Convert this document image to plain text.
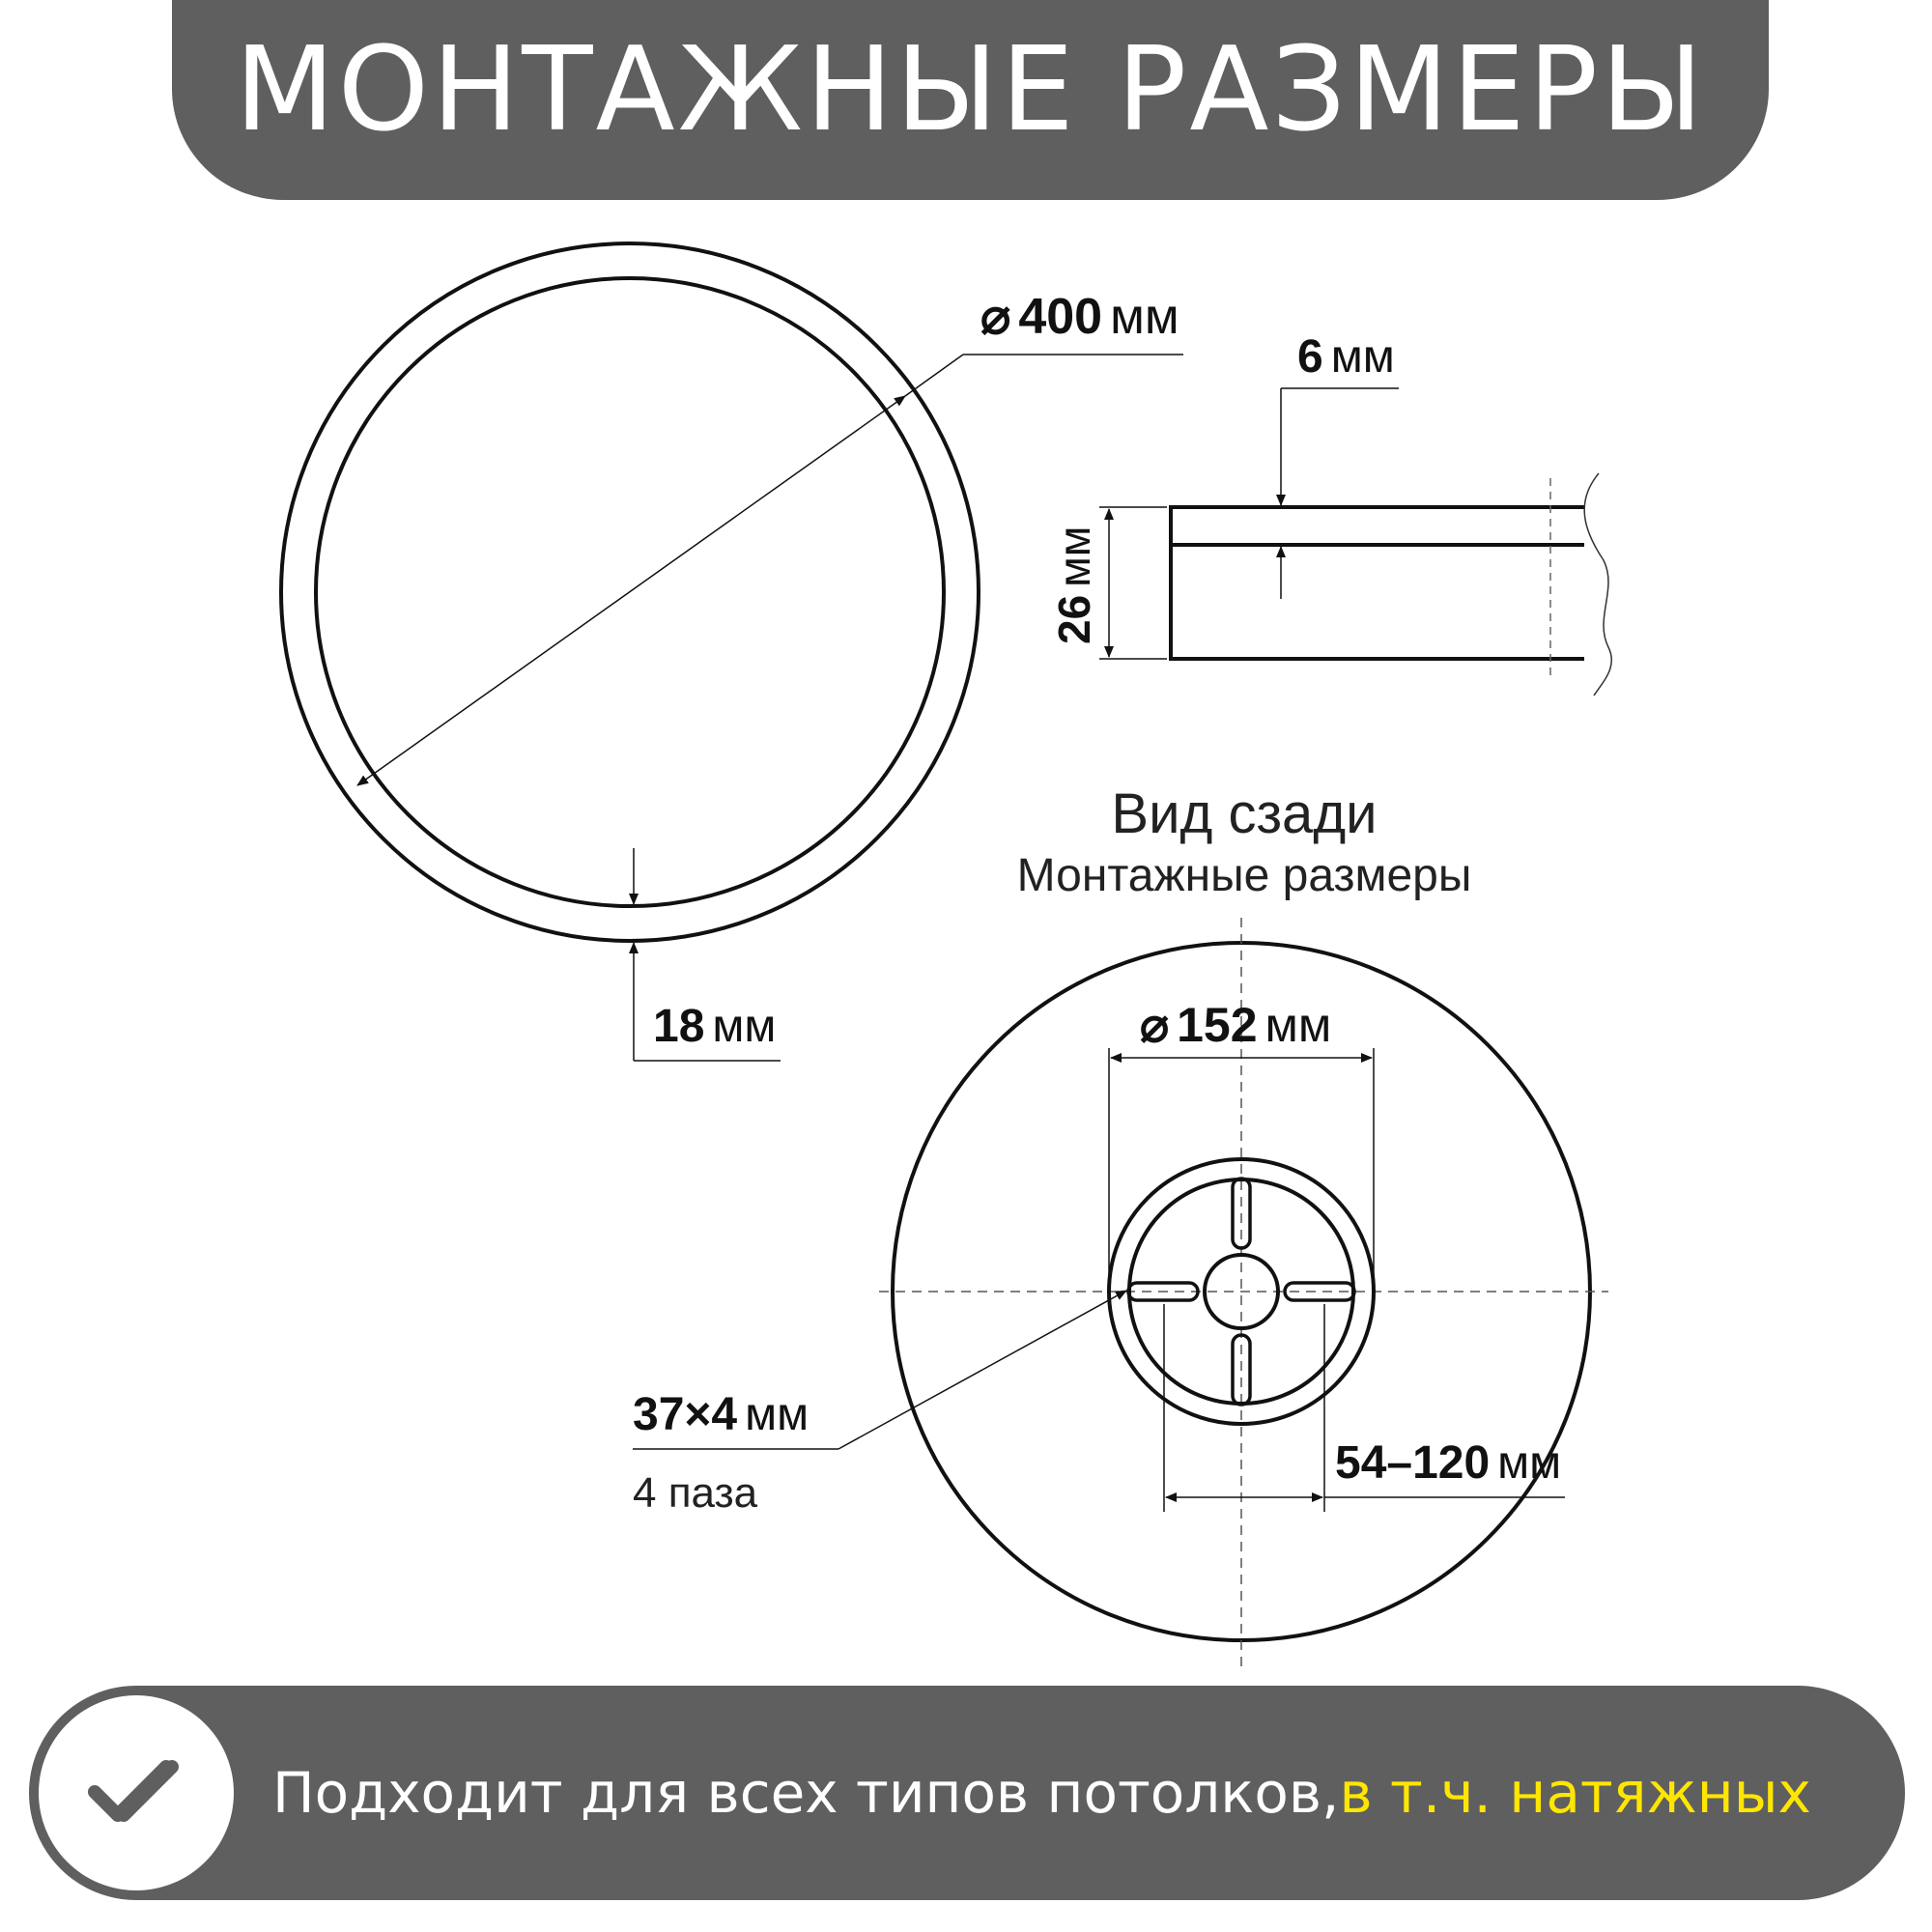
МОНТАЖНЫЕ РАЗМЕРЫ
⌀ 400 мм
18 мм
6 мм
26мм
Вид сзади
Монтажные размеры
⌀ 152 мм
37×4 мм
4 паза
54–120 мм
Подходит для всех типов потолков, в т.ч. натяжных
